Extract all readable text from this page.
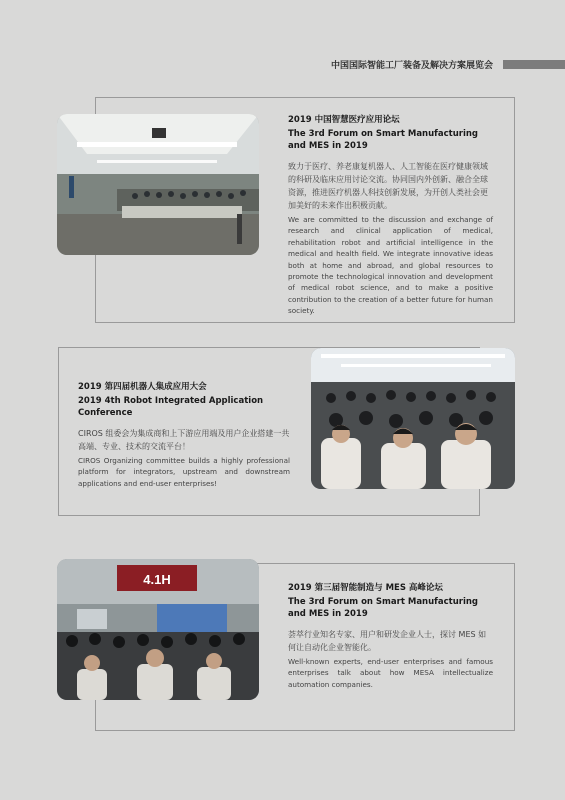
中国国际智能工厂装备及解决方案展览会

2019 中国智慧医疗应用论坛

The 3rd Forum on Smart Manufacturing

and MES in 2019

致力于医疗、养老康复机器人、人工智能在医疗健康领域的科研及临床应用讨论交流。协同国内外创新、融合全球资源，推进医疗机器人科技创新发展，为开创人类社会更加美好的未来作出积极贡献。

We are committed to the discussion and exchange of research and clinical application of medical, rehabilitation robot and artificial intelligence in the medical and health field. We integrate innovative ideas both at home and abroad, and global resources to promote the technological innovation and development of medical robot science, and to make a positive contribution to the creation of a better future for human society.

2019 第四届机器人集成应用大会

2019 4th Robot Integrated Application Conference

CIROS 组委会为集成商和上下游应用端及用户企业搭建一共高端、专业、技术的交流平台！

CIROS Organizing committee builds a highly professional platform for integrators, upstream and downstream applications and end-user enterprises!

4.1H

2019 第三届智能制造与 MES 高峰论坛

The 3rd Forum on Smart Manufacturing

and MES in 2019

荟萃行业知名专家、用户和研发企业人士，探讨 MES 如何让自动化企业智能化。

Well-known experts, end-user enterprises and famous enterprises talk about how MESA intellectualize automation companies.
